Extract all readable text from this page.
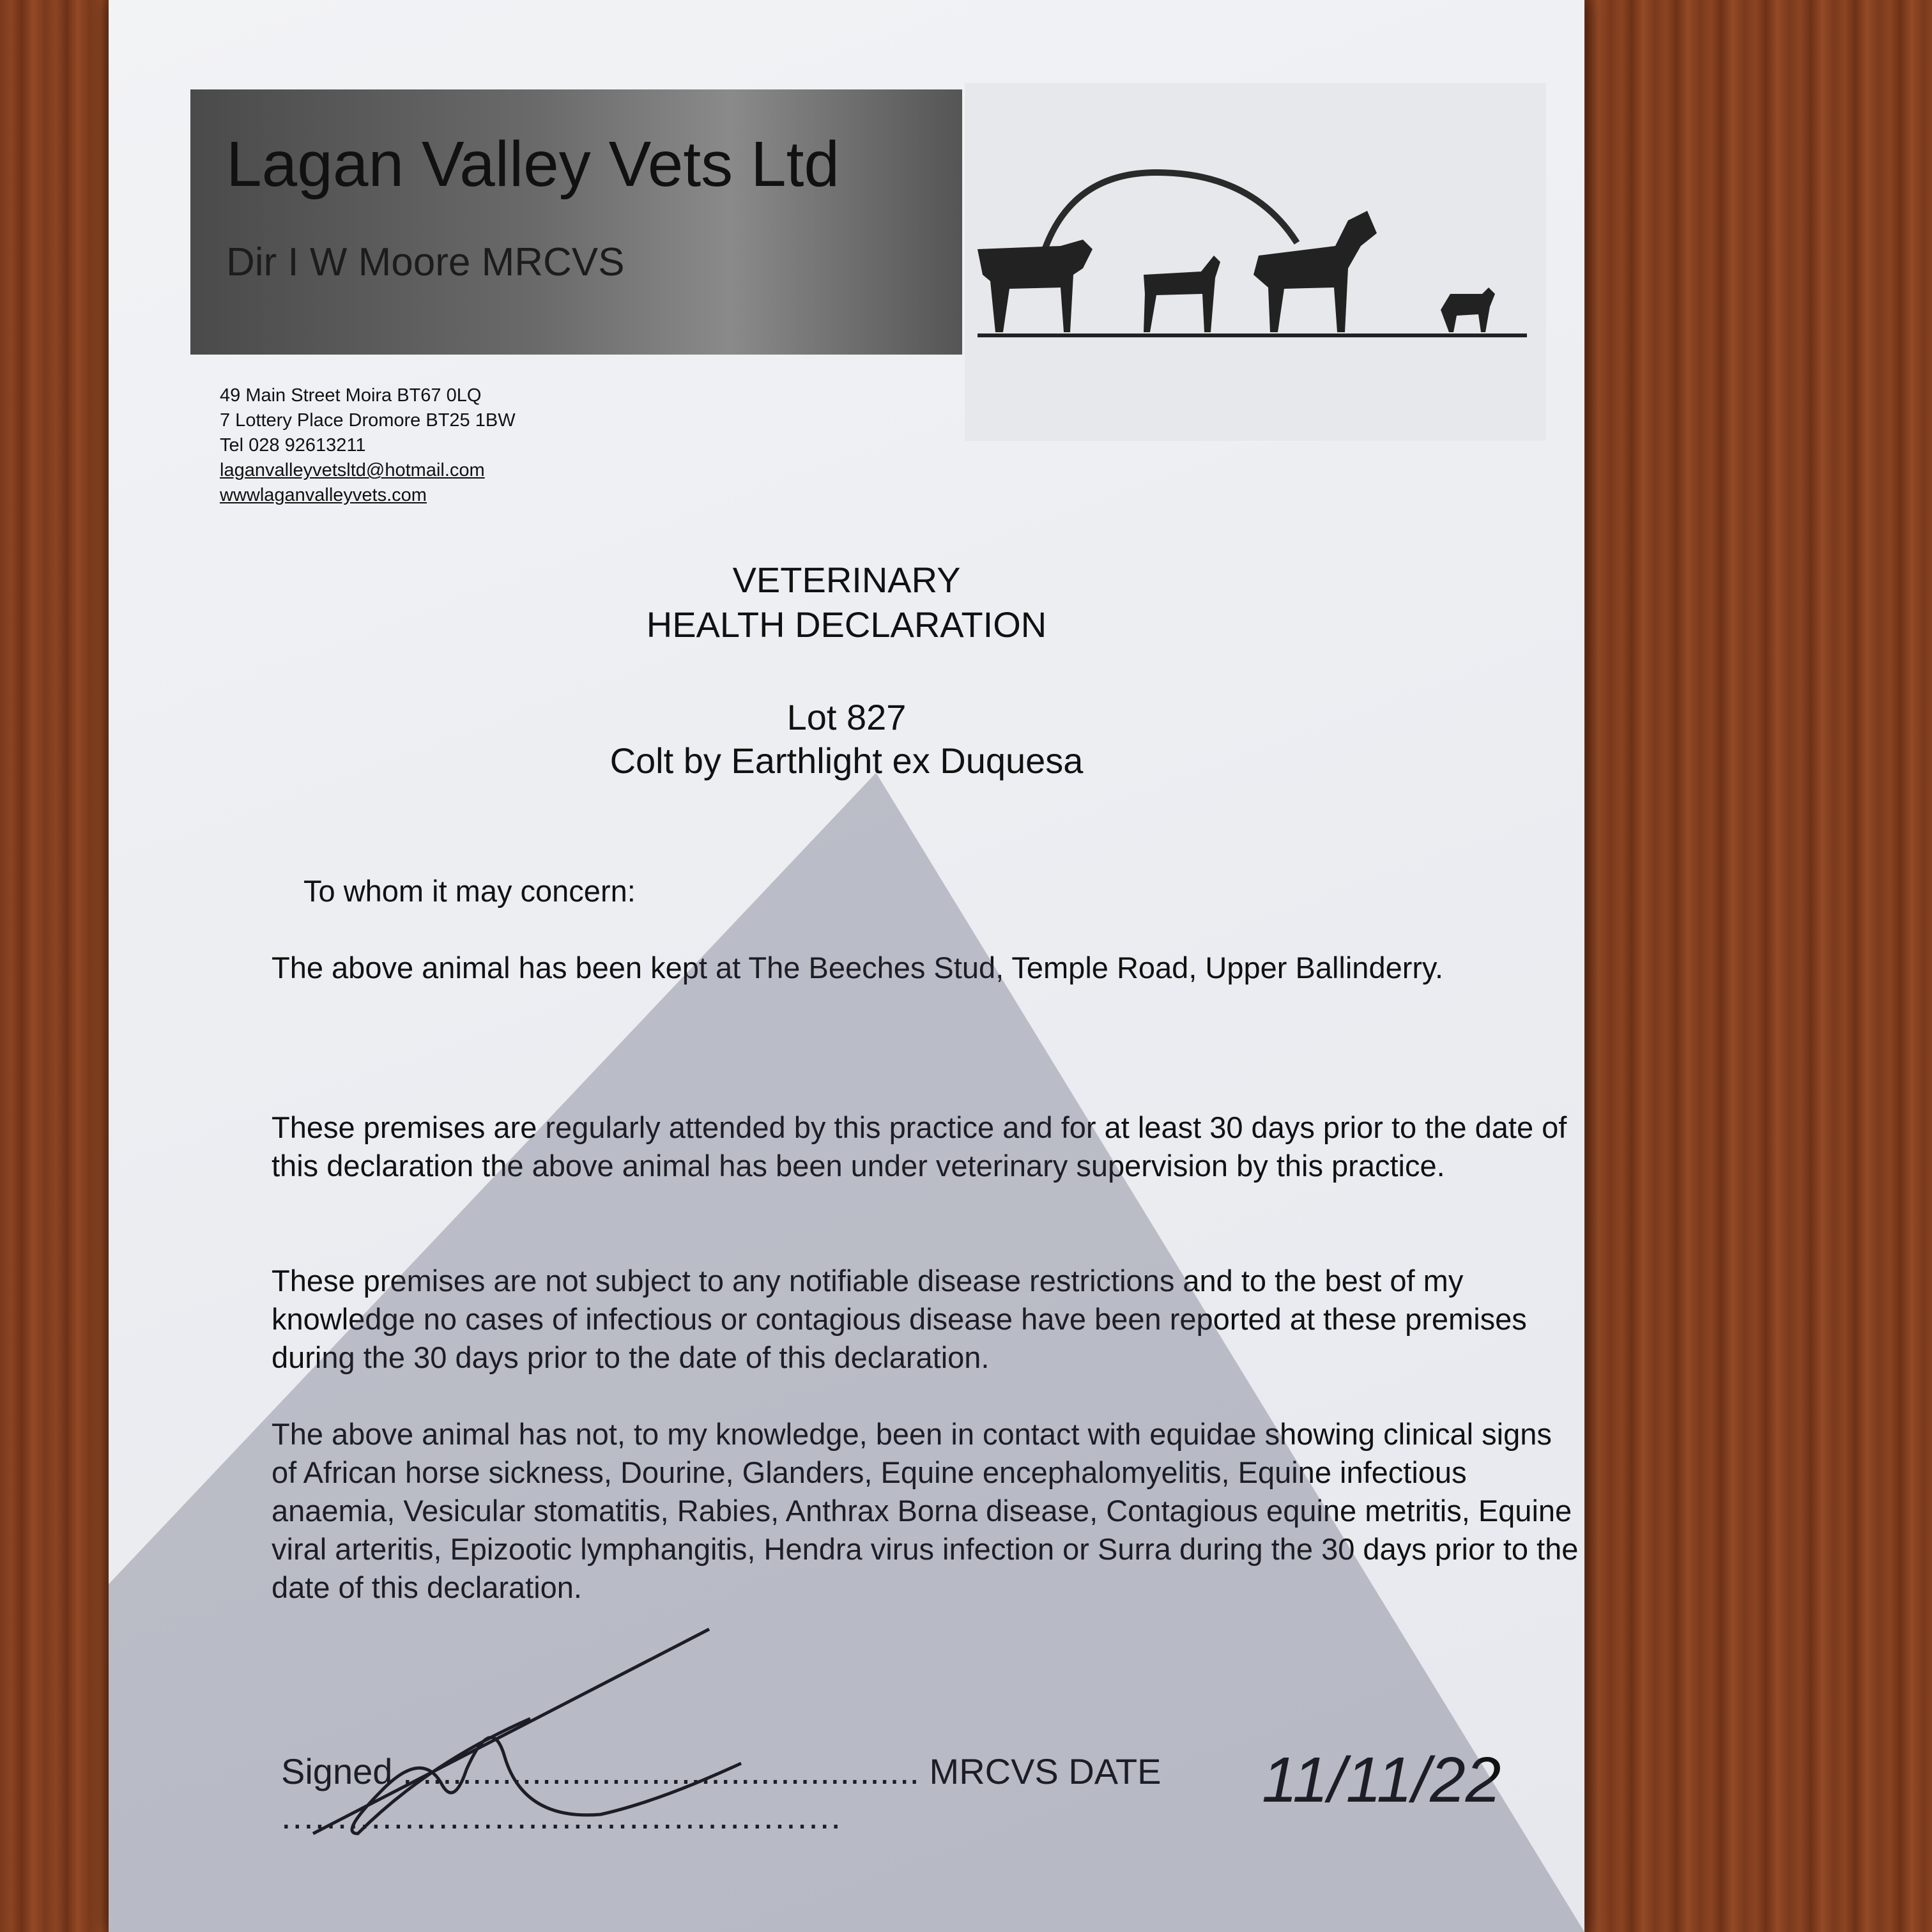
Lagan Valley Vets Ltd
Dir I W Moore MRCVS
49 Main Street Moira BT67 0LQ
7 Lottery Place Dromore BT25 1BW
Tel 028 92613211
laganvalleyvetsltd@hotmail.com
wwwlaganvalleyvets.com
VETERINARY
HEALTH DECLARATION
Lot 827
Colt by Earthlight ex Duquesa
To whom it may concern:
The above animal has been kept at The Beeches Stud, Temple Road, Upper Ballinderry.
These premises are regularly attended by this practice and for at least 30 days prior to the date of this declaration the above animal has been under veterinary supervision by this practice.
These premises are not subject to any notifiable disease restrictions and to the best of my knowledge no cases of infectious or contagious disease have been reported at these premises during the 30 days prior to the date of this declaration.
The above animal has not, to my knowledge, been in contact with equidae showing clinical signs of African horse sickness, Dourine, Glanders, Equine encephalomyelitis, Equine infectious anaemia, Vesicular stomatitis, Rabies, Anthrax Borna disease, Contagious equine metritis, Equine viral arteritis, Epizootic lymphangitis, Hendra virus infection or Surra during the 30 days prior to the date of this declaration.
Signed .................................................... MRCVS DATE
..................................................
11/11/22
